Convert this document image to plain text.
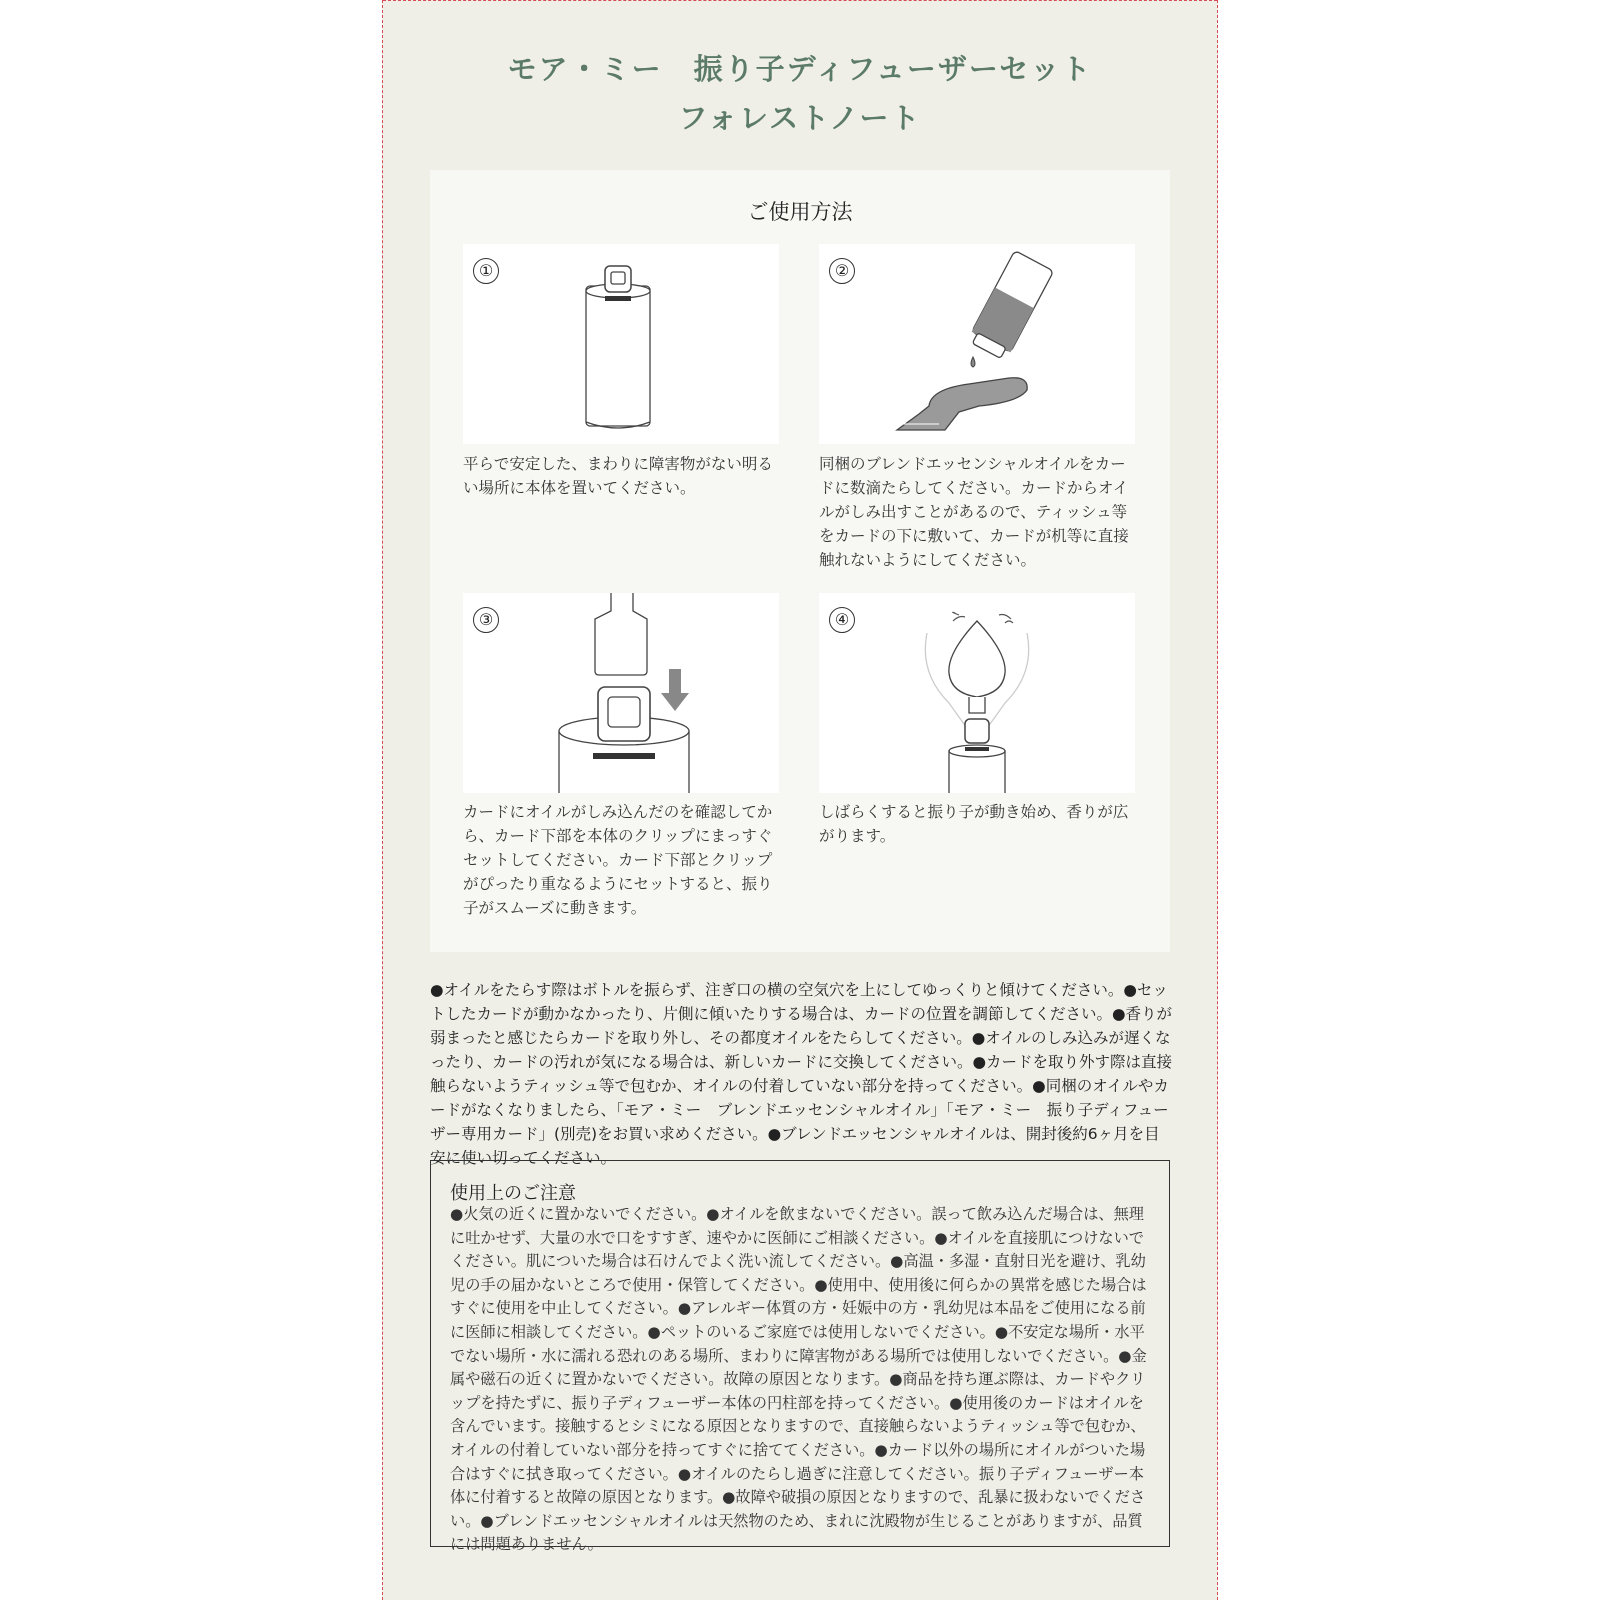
モア・ミー　振り子ディフューザーセット
フォレストノート
ご使用方法
①
平らで安定した、まわりに障害物がない明るい場所に本体を置いてください。
②
同梱のブレンドエッセンシャルオイルをカードに数滴たらしてください。カードからオイルがしみ出すことがあるので、ティッシュ等をカードの下に敷いて、カードが机等に直接触れないようにしてください。
③
カードにオイルがしみ込んだのを確認してから、カード下部を本体のクリップにまっすぐセットしてください。カード下部とクリップがぴったり重なるようにセットすると、振り子がスムーズに動きます。
④
しばらくすると振り子が動き始め、香りが広がります。
●オイルをたらす際はボトルを振らず、注ぎ口の横の空気穴を上にしてゆっくりと傾けてください。●セットしたカードが動かなかったり、片側に傾いたりする場合は、カードの位置を調節してください。●香りが弱まったと感じたらカードを取り外し、その都度オイルをたらしてください。●オイルのしみ込みが遅くなったり、カードの汚れが気になる場合は、新しいカードに交換してください。●カードを取り外す際は直接触らないようティッシュ等で包むか、オイルの付着していない部分を持ってください。●同梱のオイルやカードがなくなりましたら、「モア・ミー　ブレンドエッセンシャルオイル」「モア・ミー　振り子ディフューザー専用カード」(別売)をお買い求めください。●ブレンドエッセンシャルオイルは、開封後約6ヶ月を目安に使い切ってください。
使用上のご注意
●火気の近くに置かないでください。●オイルを飲まないでください。誤って飲み込んだ場合は、無理に吐かせず、大量の水で口をすすぎ、速やかに医師にご相談ください。●オイルを直接肌につけないでください。肌についた場合は石けんでよく洗い流してください。●高温・多湿・直射日光を避け、乳幼児の手の届かないところで使用・保管してください。●使用中、使用後に何らかの異常を感じた場合はすぐに使用を中止してください。●アレルギー体質の方・妊娠中の方・乳幼児は本品をご使用になる前に医師に相談してください。●ペットのいるご家庭では使用しないでください。●不安定な場所・水平でない場所・水に濡れる恐れのある場所、まわりに障害物がある場所では使用しないでください。●金属や磁石の近くに置かないでください。故障の原因となります。●商品を持ち運ぶ際は、カードやクリップを持たずに、振り子ディフューザー本体の円柱部を持ってください。●使用後のカードはオイルを含んでいます。接触するとシミになる原因となりますので、直接触らないようティッシュ等で包むか、オイルの付着していない部分を持ってすぐに捨ててください。●カード以外の場所にオイルがついた場合はすぐに拭き取ってください。●オイルのたらし過ぎに注意してください。振り子ディフューザー本体に付着すると故障の原因となります。●故障や破損の原因となりますので、乱暴に扱わないでください。●ブレンドエッセンシャルオイルは天然物のため、まれに沈殿物が生じることがありますが、品質には問題ありません。
